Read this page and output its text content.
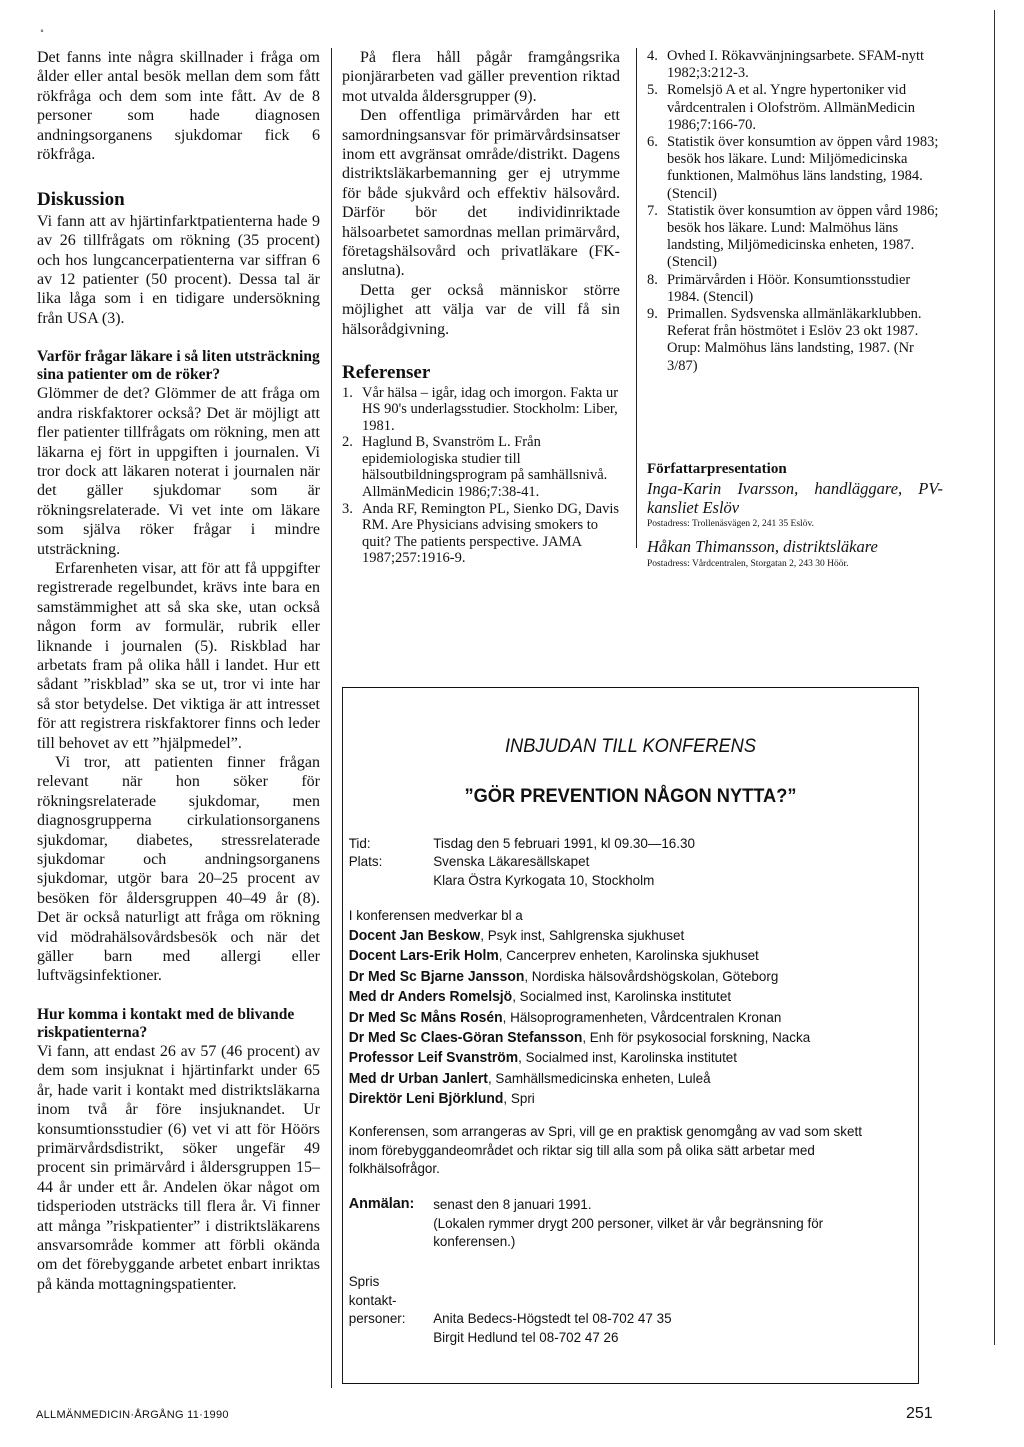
˚

Det fanns inte några skillnader i fråga om ålder eller antal besök mellan dem som fått rökfråga och dem som inte fått. Av de 8 personer som hade diagnosen andningsorganens sjukdomar fick 6 rökfråga.

Diskussion

Vi fann att av hjärtinfarktpatienterna hade 9 av 26 tillfrågats om rökning (35 procent) och hos lungcancerpatienterna var siffran 6 av 12 patienter (50 procent). Dessa tal är lika låga som i en tidigare undersökning från USA (3).

Varför frågar läkare i så liten utsträckning sina patienter om de röker?

Glömmer de det? Glömmer de att fråga om andra riskfaktorer också? Det är möjligt att fler patienter tillfrågats om rökning, men att läkarna ej fört in uppgiften i journalen. Vi tror dock att läkaren noterat i journalen när det gäller sjukdomar som är rökningsrelaterade. Vi vet inte om läkare som själva röker frågar i mindre utsträckning.

Erfarenheten visar, att för att få uppgifter registrerade regelbundet, krävs inte bara en samstämmighet att så ska ske, utan också någon form av formulär, rubrik eller liknande i journalen (5). Riskblad har arbetats fram på olika håll i landet. Hur ett sådant ”riskblad” ska se ut, tror vi inte har så stor betydelse. Det viktiga är att intresset för att registrera riskfaktorer finns och leder till behovet av ett ”hjälpmedel”.

Vi tror, att patienten finner frågan relevant när hon söker för rökningsrelaterade sjukdomar, men diagnosgrupperna cirkulationsorganens sjukdomar, diabetes, stressrelaterade sjukdomar och andningsorganens sjukdomar, utgör bara 20–25 procent av besöken för åldersgruppen 40–49 år (8). Det är också naturligt att fråga om rökning vid mödrahälsovårdsbesök och när det gäller barn med allergi eller luftvägsinfektioner.

Hur komma i kontakt med de blivande riskpatienterna?

Vi fann, att endast 26 av 57 (46 procent) av dem som insjuknat i hjärtinfarkt under 65 år, hade varit i kontakt med distriktsläkarna inom två år före insjuknandet. Ur konsumtionsstudier (6) vet vi att för Höörs primärvårdsdistrikt, söker ungefär 49 procent sin primärvård i åldersgruppen 15–44 år under ett år. Andelen ökar något om tidsperioden utsträcks till flera år. Vi finner att många ”riskpatienter” i distriktsläkarens ansvarsområde kommer att förbli okända om det förebyggande arbetet enbart inriktas på kända mottagningspatienter.

På flera håll pågår framgångsrika pionjärarbeten vad gäller prevention riktad mot utvalda åldersgrupper (9).

Den offentliga primärvården har ett samordningsansvar för primärvårdsinsatser inom ett avgränsat område/distrikt. Dagens distriktsläkarbemanning ger ej utrymme för både sjukvård och effektiv hälsovård. Därför bör det individinriktade hälsoarbetet samordnas mellan primärvård, företagshälsovård och privatläkare (FK-anslutna).

Detta ger också människor större möjlighet att välja var de vill få sin hälsorådgivning.

Referenser
1. Vår hälsa – igår, idag och imorgon. Fakta ur HS 90's underlagsstudier. Stockholm: Liber, 1981.
2. Haglund B, Svanström L. Från epidemiologiska studier till hälsoutbildningsprogram på samhällsnivå. AllmänMedicin 1986;7:38-41.
3. Anda RF, Remington PL, Sienko DG, Davis RM. Are Physicians advising smokers to quit? The patients perspective. JAMA 1987;257:1916-9.
4. Ovhed I. Rökavvänjningsarbete. SFAM-nytt 1982;3:212-3.
5. Romelsjö A et al. Yngre hypertoniker vid vårdcentralen i Olofström. AllmänMedicin 1986;7:166-70.
6. Statistik över konsumtion av öppen vård 1983; besök hos läkare. Lund: Miljömedicinska funktionen, Malmöhus läns landsting, 1984. (Stencil)
7. Statistik över konsumtion av öppen vård 1986; besök hos läkare. Lund: Malmöhus läns landsting, Miljömedicinska enheten, 1987. (Stencil)
8. Primärvården i Höör. Konsumtionsstudier 1984. (Stencil)
9. Primallen. Sydsvenska allmänläkarklubben. Referat från höstmötet i Eslöv 23 okt 1987. Orup: Malmöhus läns landsting, 1987. (Nr 3/87)
Författarpresentation
Inga-Karin Ivarsson, handläggare, PV-kansliet Eslöv
Postadress: Trollenäsvägen 2, 241 35 Eslöv.
Håkan Thimansson, distriktsläkare
Postadress: Vårdcentralen, Storgatan 2, 243 30 Höör.
INBJUDAN TILL KONFERENS
”GÖR PREVENTION NÅGON NYTTA?”
Tid:	Tisdag den 5 februari 1991, kl 09.30—16.30
Plats:	Svenska Läkaresällskapet
Klara Östra Kyrkogata 10, Stockholm
I konferensen medverkar bl a
Docent Jan Beskow, Psyk inst, Sahlgrenska sjukhuset
Docent Lars-Erik Holm, Cancerprev enheten, Karolinska sjukhuset
Dr Med Sc Bjarne Jansson, Nordiska hälsovårdshögskolan, Göteborg
Med dr Anders Romelsjö, Socialmed inst, Karolinska institutet
Dr Med Sc Måns Rosén, Hälsoprogramenheten, Vårdcentralen Kronan
Dr Med Sc Claes-Göran Stefansson, Enh för psykosocial forskning, Nacka
Professor Leif Svanström, Socialmed inst, Karolinska institutet
Med dr Urban Janlert, Samhällsmedicinska enheten, Luleå
Direktör Leni Björklund, Spri
Konferensen, som arrangeras av Spri, vill ge en praktisk genomgång av vad som skett inom förebyggandeområdet och riktar sig till alla som på olika sätt arbetar med folkhälsofrågor.
Anmälan:	senast den 8 januari 1991.
(Lokalen rymmer drygt 200 personer, vilket är vår begränsning för konferensen.)
Spris
kontakt-
personer:	Anita Bedecs-Högstedt tel 08-702 47 35
Birgit Hedlund tel 08-702 47 26
ALLMÄNMEDICIN·ÅRGÅNG 11·1990	251
